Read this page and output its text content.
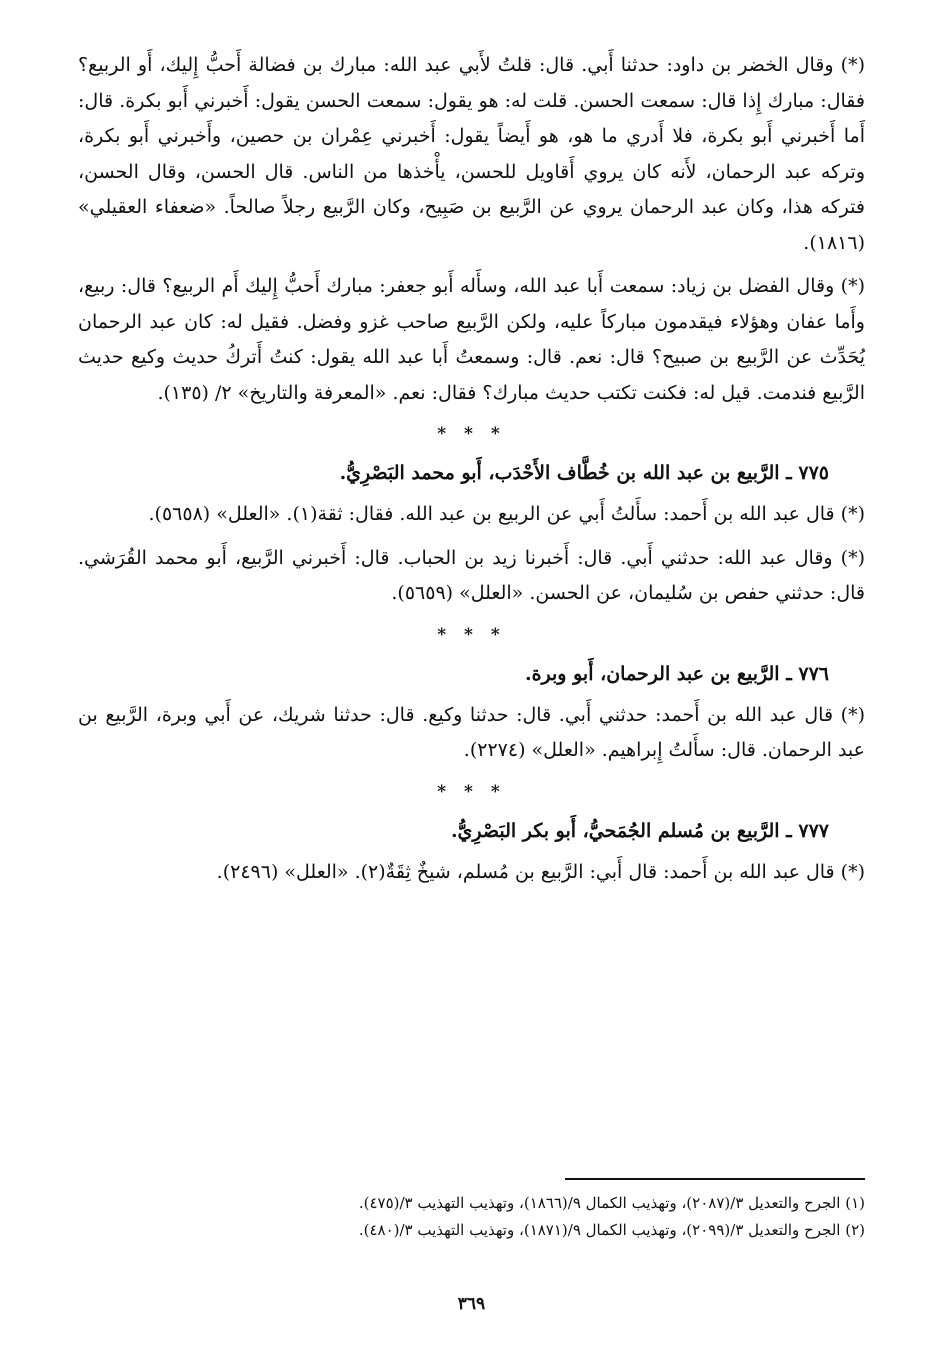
(*) وقال الخضر بن داود: حدثنا أَبي. قال: قلتُ لأَبي عبد الله: مبارك بن فضالة أَحبُّ إِليك، أَو الربيع؟ فقال: مبارك إِذا قال: سمعت الحسن. قلت له: هو يقول: سمعت الحسن يقول: أَخبرني أَبو بكرة. قال: أَما أَخبرني أَبو بكرة، فلا أَدري ما هو، هو أَيضاً يقول: أَخبرني عِمْران بن حصين، وأَخبرني أَبو بكرة، وتركه عبد الرحمان، لأَنه كان يروي أَقاويل للحسن، يأْخذها من الناس. قال الحسن، وقال الحسن، فتركه هذا، وكان عبد الرحمان يروي عن الرَّبيع بن صَبِيح، وكان الرَّبيع رجلاً صالحاً. «ضعفاء العقيلي» (١٨١٦).

(*) وقال الفضل بن زياد: سمعت أَبا عبد الله، وسأَله أَبو جعفر: مبارك أَحبُّ إِليك أَم الربيع؟ قال: ربيع، وأَما عفان وهؤلاء فيقدمون مباركاً عليه، ولكن الرَّبيع صاحب غزو وفضل. فقيل له: كان عبد الرحمان يُحَدِّث عن الرَّبيع بن صبيح؟ قال: نعم. قال: وسمعتُ أَبا عبد الله يقول: كنتُ أَتركُ حديث وكيع حديث الرَّبيع فندمت. قيل له: فكنت تكتب حديث مبارك؟ فقال: نعم. «المعرفة والتاريخ» ٢/ (١٣٥).

* * *
٧٧٥ ـ الرَّبيع بن عبد الله بن خُطَّاف الأَحْدَب، أَبو محمد البَصْرِيُّ.

(*) قال عبد الله بن أَحمد: سأَلتُ أَبي عن الربيع بن عبد الله. فقال: ثقة(١). «العلل» (٥٦٥٨).

(*) وقال عبد الله: حدثني أَبي. قال: أَخبرنا زيد بن الحباب. قال: أَخبرني الرَّبيع، أَبو محمد القُرَشي. قال: حدثني حفص بن سُليمان، عن الحسن. «العلل» (٥٦٥٩).

* * *
٧٧٦ ـ الرَّبيع بن عبد الرحمان، أَبو وبرة.

(*) قال عبد الله بن أَحمد: حدثني أَبي. قال: حدثنا وكيع. قال: حدثنا شريك، عن أَبي وبرة، الرَّبيع بن عبد الرحمان. قال: سأَلتُ إِبراهيم. «العلل» (٢٢٧٤).

* * *
٧٧٧ ـ الرَّبيع بن مُسلم الجُمَحيُّ، أَبو بكر البَصْرِيُّ.

(*) قال عبد الله بن أَحمد: قال أَبي: الرَّبيع بن مُسلم، شيخٌ ثِقَةٌ(٢). «العلل» (٢٤٩٦).

(١) الجرح والتعديل ٣/(٢٠٨٧)، وتهذيب الكمال ٩/(١٨٦٦)، وتهذيب التهذيب ٣/(٤٧٥).

(٢) الجرح والتعديل ٣/(٢٠٩٩)، وتهذيب الكمال ٩/(١٨٧١)، وتهذيب التهذيب ٣/(٤٨٠).

٣٦٩
